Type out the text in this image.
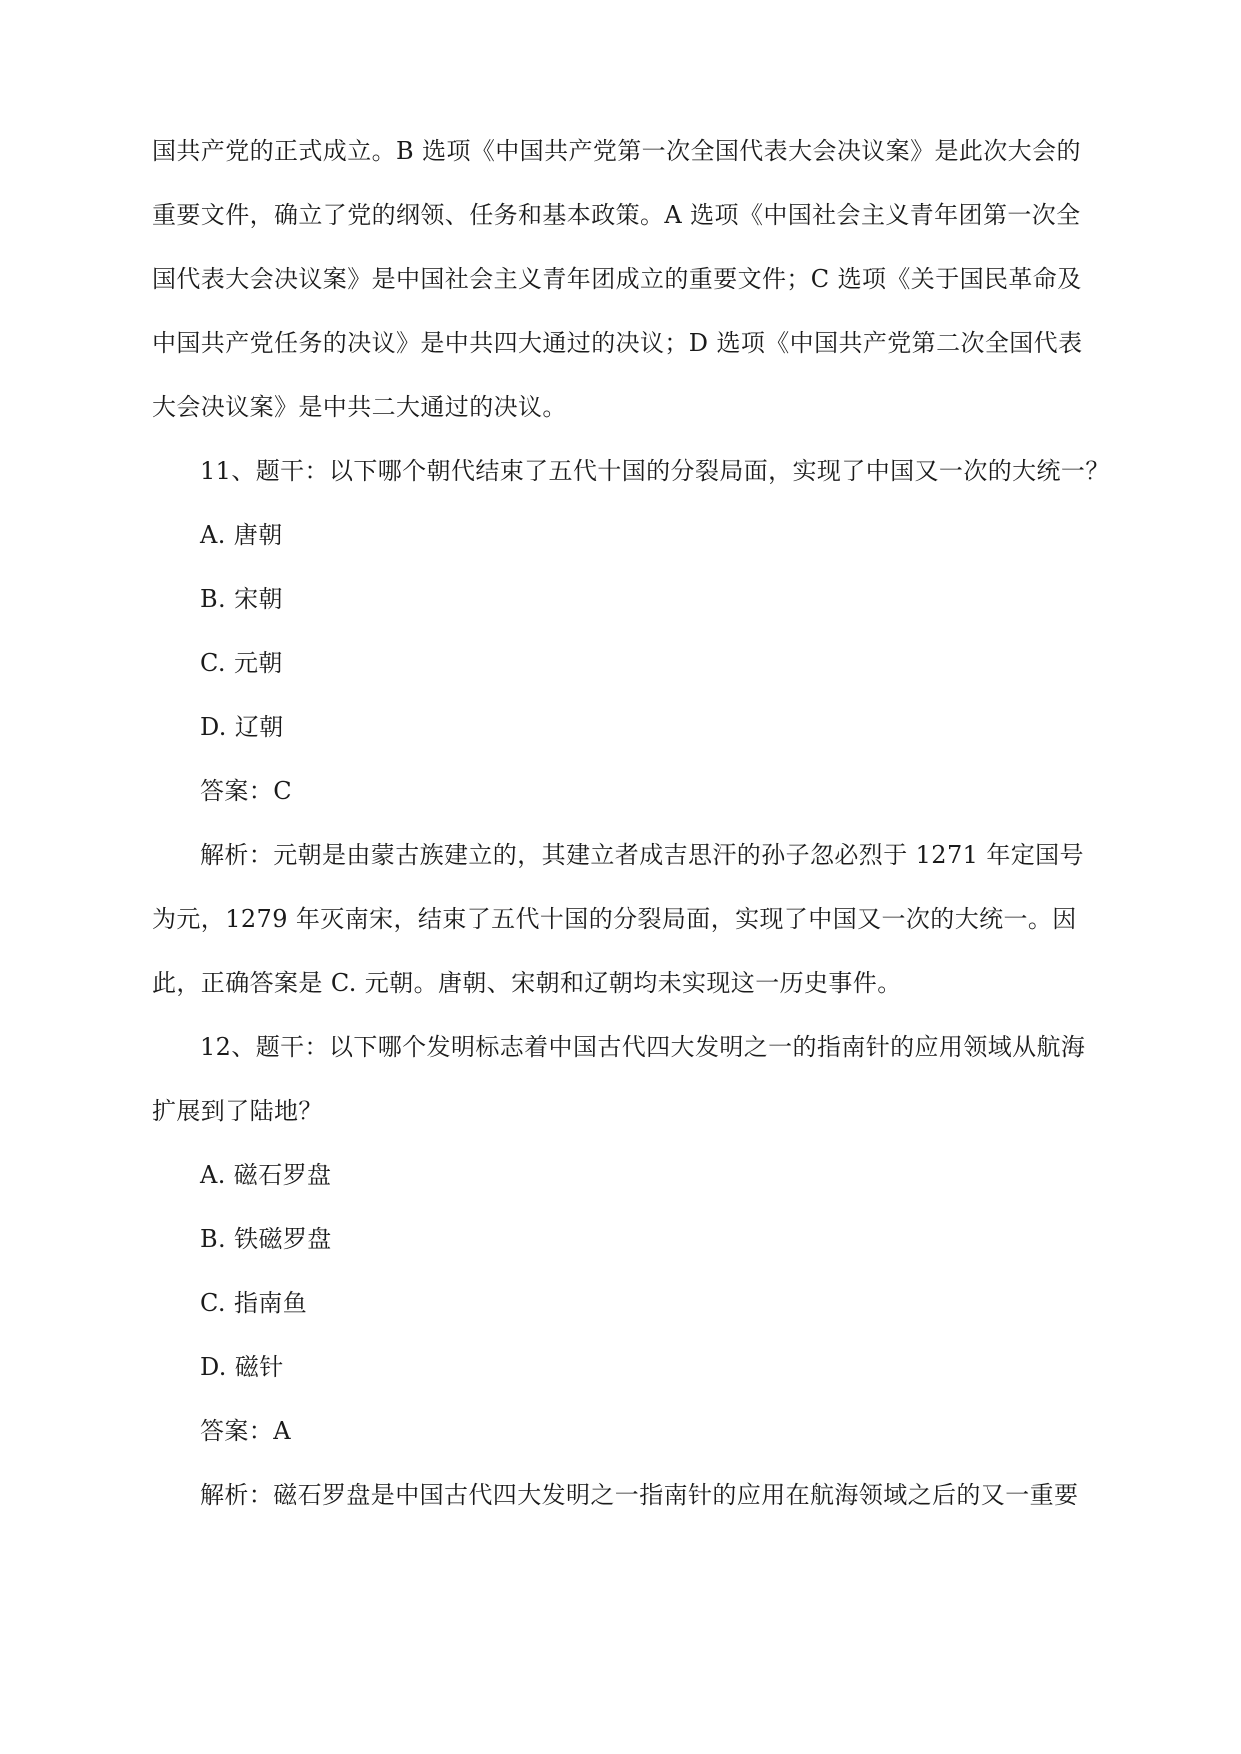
国共产党的正式成立。B 选项《中国共产党第一次全国代表大会决议案》是此次大会的
重要文件，确立了党的纲领、任务和基本政策。A 选项《中国社会主义青年团第一次全
国代表大会决议案》是中国社会主义青年团成立的重要文件；C 选项《关于国民革命及
中国共产党任务的决议》是中共四大通过的决议；D 选项《中国共产党第二次全国代表
大会决议案》是中共二大通过的决议。
11、题干：以下哪个朝代结束了五代十国的分裂局面，实现了中国又一次的大统一？
A. 唐朝
B. 宋朝
C. 元朝
D. 辽朝
答案：C
解析：元朝是由蒙古族建立的，其建立者成吉思汗的孙子忽必烈于 1271 年定国号
为元，1279 年灭南宋，结束了五代十国的分裂局面，实现了中国又一次的大统一。因
此，正确答案是 C. 元朝。唐朝、宋朝和辽朝均未实现这一历史事件。
12、题干：以下哪个发明标志着中国古代四大发明之一的指南针的应用领域从航海
扩展到了陆地？
A. 磁石罗盘
B. 铁磁罗盘
C. 指南鱼
D. 磁针
答案：A
解析：磁石罗盘是中国古代四大发明之一指南针的应用在航海领域之后的又一重要
